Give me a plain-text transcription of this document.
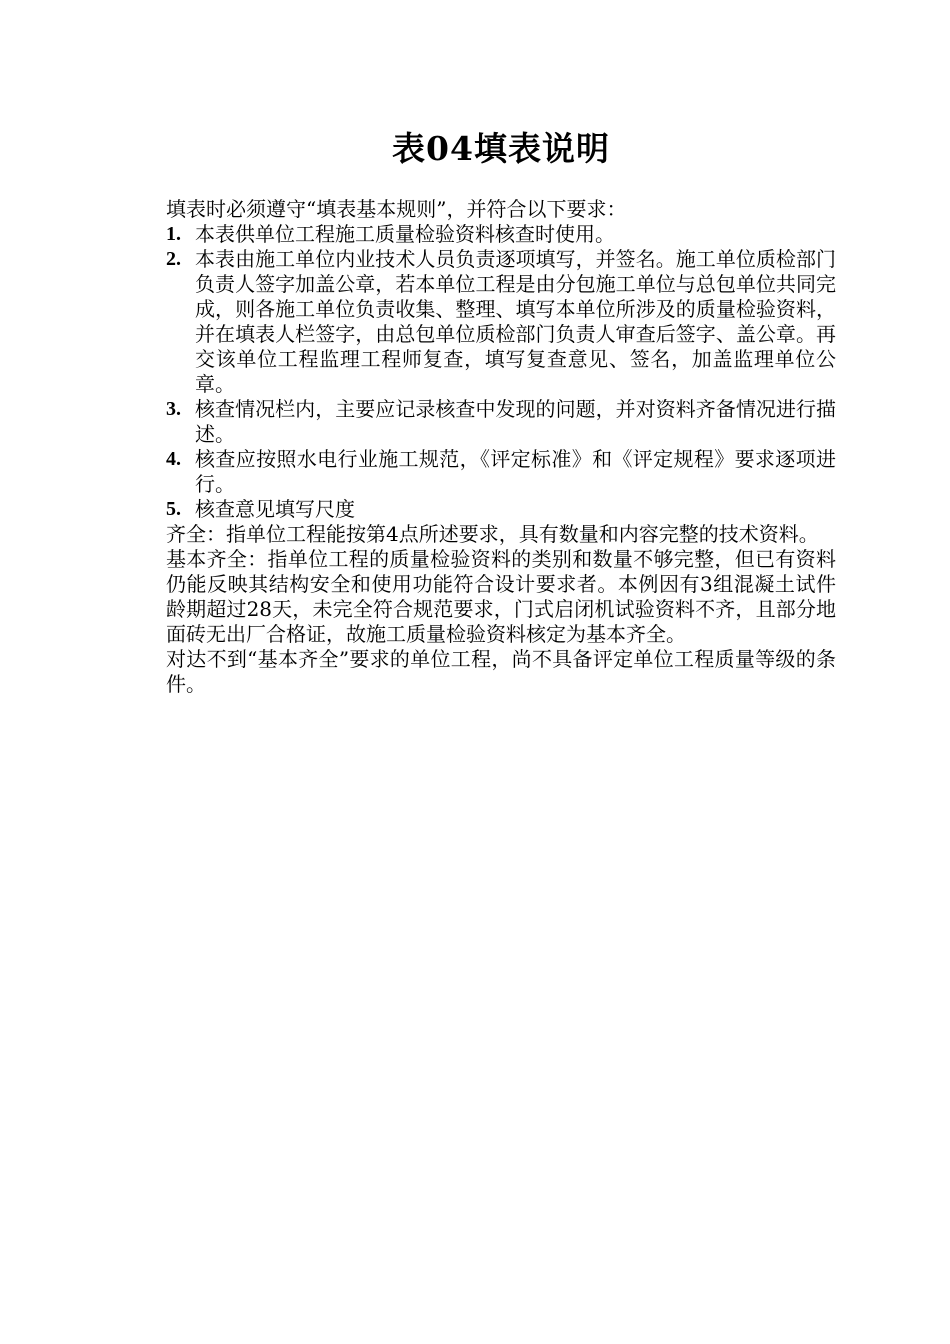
表04填表说明

填表时必须遵守“填表基本规则”，并符合以下要求：

1. 本表供单位工程施工质量检验资料核查时使用。
2. 本表由施工单位内业技术人员负责逐项填写，并签名。施工单位质检部门负责人签字加盖公章，若本单位工程是由分包施工单位与总包单位共同完成，则各施工单位负责收集、整理、填写本单位所涉及的质量检验资料，并在填表人栏签字，由总包单位质检部门负责人审查后签字、盖公章。再交该单位工程监理工程师复查，填写复查意见、签名，加盖监理单位公章。
3. 核查情况栏内，主要应记录核查中发现的问题，并对资料齐备情况进行描述。
4. 核查应按照水电行业施工规范，《评定标准》和《评定规程》要求逐项进行。
5. 核查意见填写尺度

齐全：指单位工程能按第4点所述要求，具有数量和内容完整的技术资料。

基本齐全：指单位工程的质量检验资料的类别和数量不够完整，但已有资料仍能反映其结构安全和使用功能符合设计要求者。本例因有3组混凝土试件龄期超过28天，未完全符合规范要求，门式启闭机试验资料不齐，且部分地面砖无出厂合格证，故施工质量检验资料核定为基本齐全。

对达不到“基本齐全”要求的单位工程，尚不具备评定单位工程质量等级的条件。
